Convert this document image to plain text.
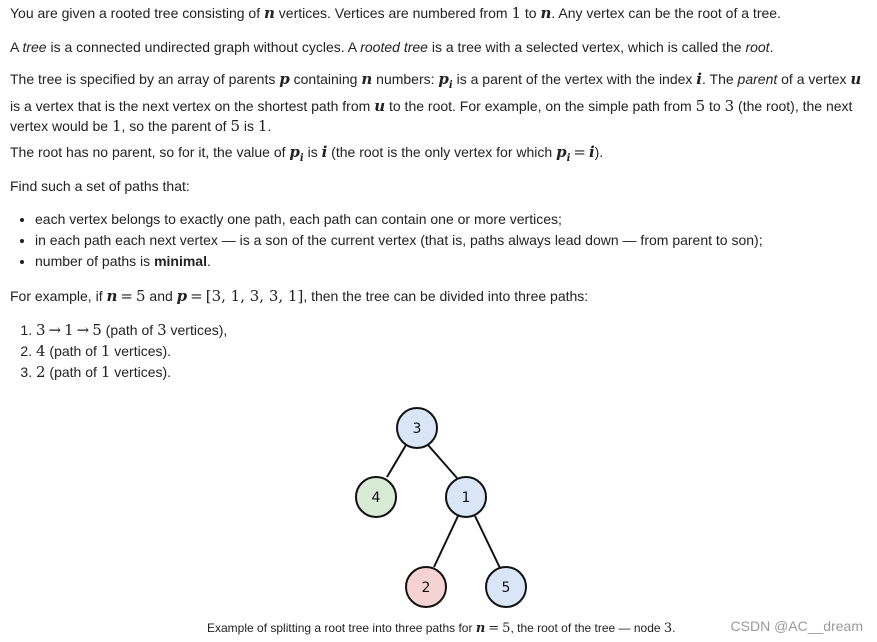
You are given a rooted tree consisting of n vertices. Vertices are numbered from 1 to n. Any vertex can be the root of a tree.

A tree is a connected undirected graph without cycles. A rooted tree is a tree with a selected vertex, which is called the root.

The tree is specified by an array of parents p containing n numbers: $p_i$ is a parent of the vertex with the index i. The parent of a vertex u is a vertex that is the next vertex on the shortest path from u to the root. For example, on the simple path from 5 to 3 (the root), the next vertex would be 1, so the parent of 5 is 1.

The root has no parent, so for it, the value of $p_i$ is i (the root is the only vertex for which $p_i = i$).

Find such a set of paths that:

• each vertex belongs to exactly one path, each path can contain one or more vertices;
• in each path each next vertex — is a son of the current vertex (that is, paths always lead down — from parent to son);
• number of paths is minimal.

For example, if n = 5 and p = [3, 1, 3, 3, 1], then the tree can be divided into three paths:

1. 3 → 1 → 5 (path of 3 vertices),
2. 4 (path of 1 vertices).
3. 2 (path of 1 vertices).
3
4	1
2	5
Example of splitting a root tree into three paths for n = 5, the root of the tree — node 3.	CSDN @AC__dream
